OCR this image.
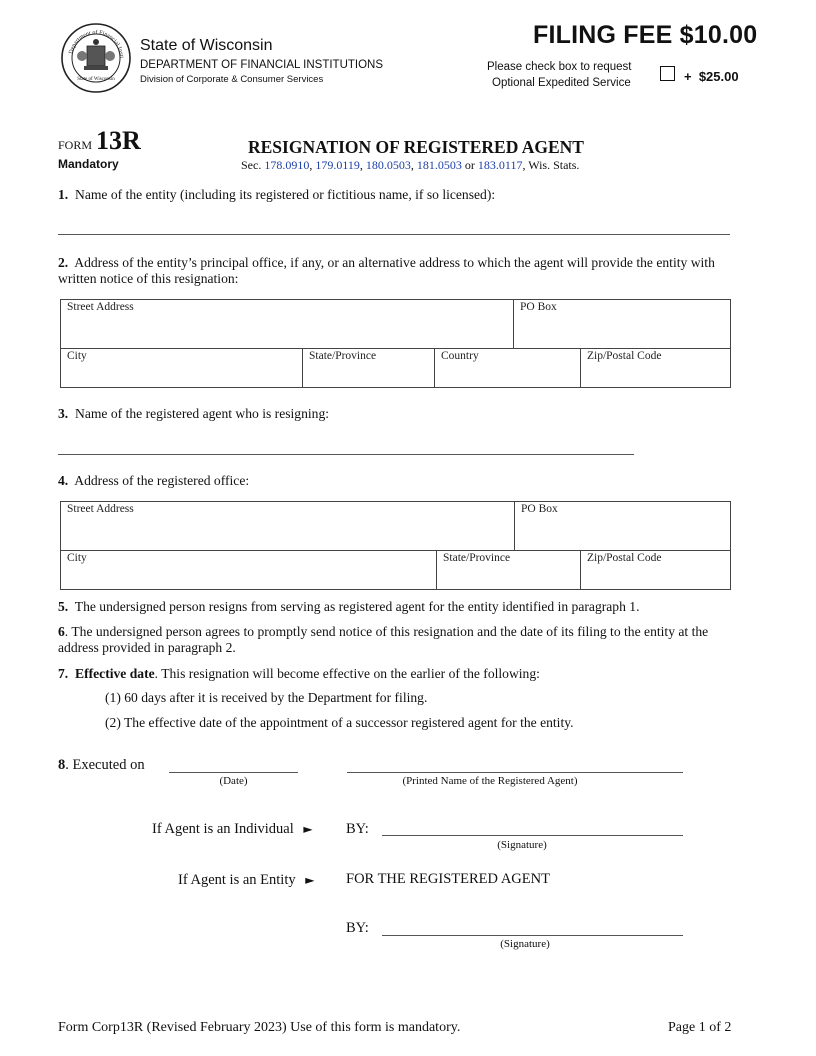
Department of Financial Insti
State of Wisconsin
State of Wisconsin
DEPARTMENT OF FINANCIAL INSTITUTIONS
Division of Corporate & Consumer Services
FILING FEE $10.00
Please check box to request
Optional Expedited Service	+  $25.00
FORM 13R
Mandatory
RESIGNATION OF REGISTERED AGENT
Sec. 178.0910, 179.0119, 180.0503, 181.0503 or 183.0117, Wis. Stats.
1. Name of the entity (including its registered or fictitious name, if so licensed):
2. Address of the entity’s principal office, if any, or an alternative address to which the agent will provide the entity with written notice of this resignation:
Street Address	PO Box
City	State/Province	Country	Zip/Postal Code
3. Name of the registered agent who is resigning:
4. Address of the registered office:
Street Address	PO Box
City	State/Province	Zip/Postal Code
5. The undersigned person resigns from serving as registered agent for the entity identified in paragraph 1.
6. The undersigned person agrees to promptly send notice of this resignation and the date of its filing to the entity at the address provided in paragraph 2.
7. Effective date. This resignation will become effective on the earlier of the following:
(1) 60 days after it is received by the Department for filing.
(2) The effective date of the appointment of a successor registered agent for the entity.
8. Executed on
(Date)	(Printed Name of the Registered Agent)
If Agent is an Individual ► BY:
(Signature)
If Agent is an Entity ► FOR THE REGISTERED AGENT
BY:
(Signature)
Form Corp13R (Revised February 2023) Use of this form is mandatory.	Page 1 of 2
